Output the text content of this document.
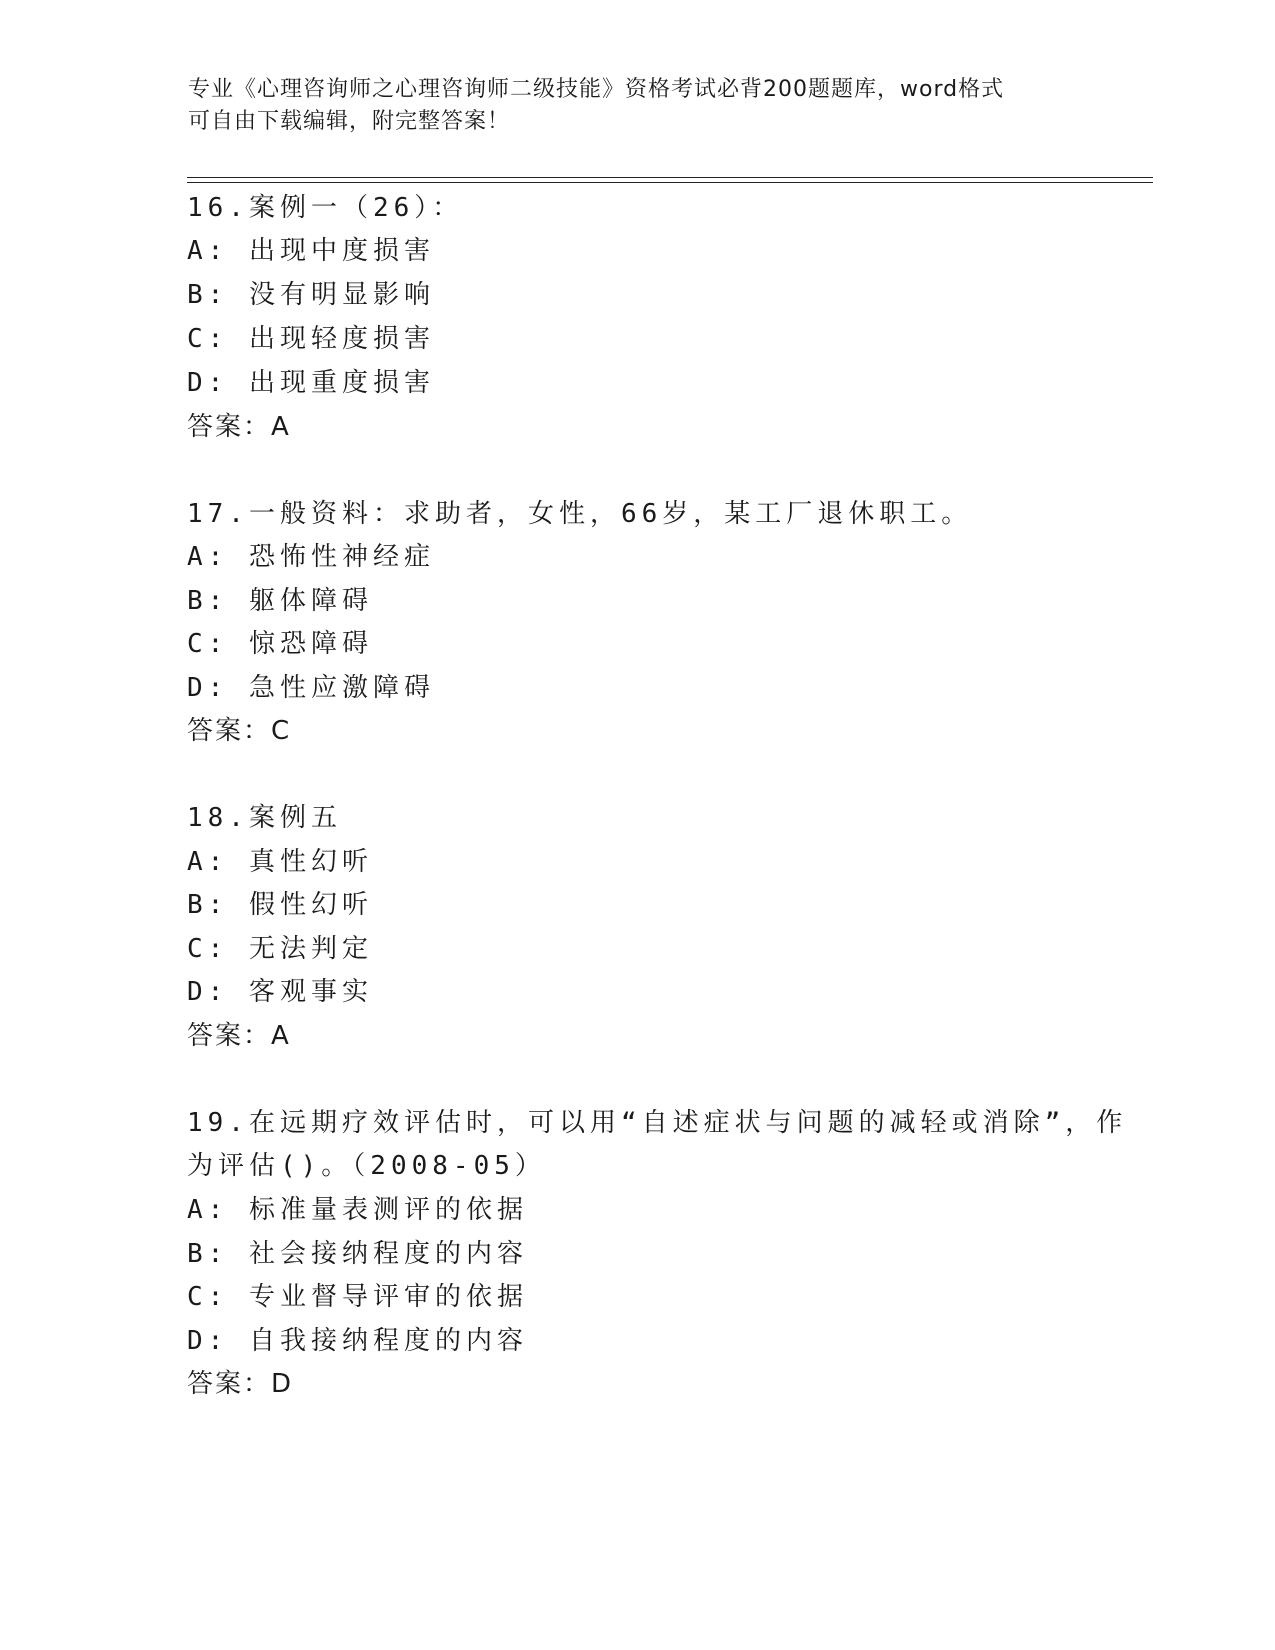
专业《心理咨询师之心理咨询师二级技能》资格考试必背200题题库，word格式
可自由下载编辑，附完整答案！
16.案例一（26）：
A: 出现中度损害
B: 没有明显影响
C: 出现轻度损害
D: 出现重度损害
答案：A
17.一般资料：求助者，女性，66岁，某工厂退休职工。
A: 恐怖性神经症
B: 躯体障碍
C: 惊恐障碍
D: 急性应激障碍
答案：C
18.案例五
A: 真性幻听
B: 假性幻听
C: 无法判定
D: 客观事实
答案：A
19.在远期疗效评估时，可以用“自述症状与问题的减轻或消除”，作
为评估()。（2008-05）
A: 标准量表测评的依据
B: 社会接纳程度的内容
C: 专业督导评审的依据
D: 自我接纳程度的内容
答案：D
